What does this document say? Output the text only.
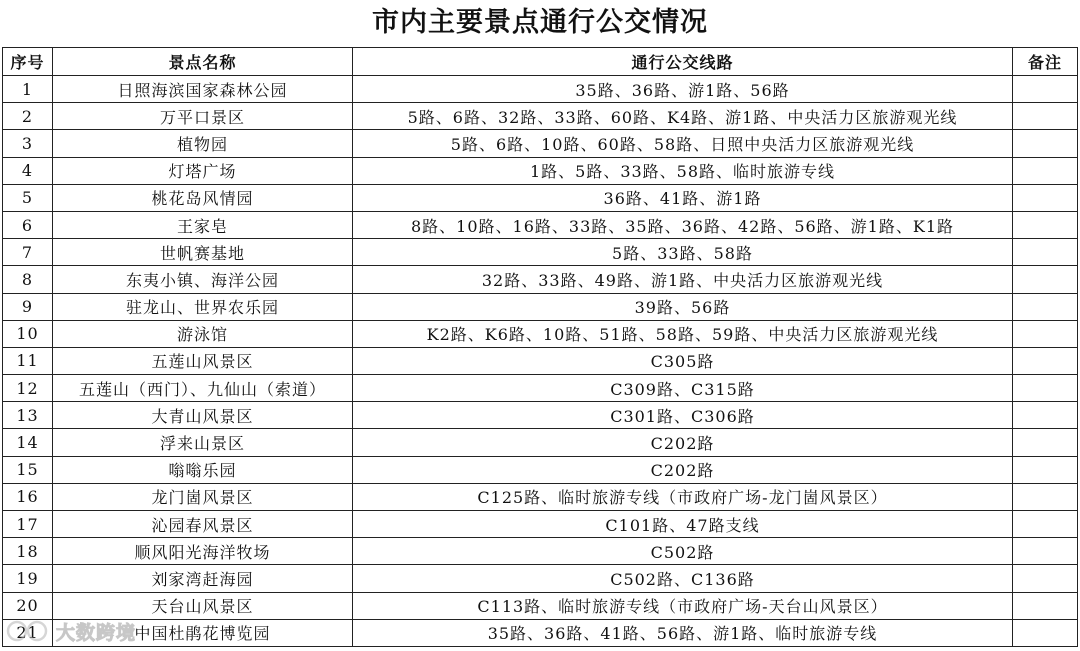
市内主要景点通行公交情况
序号	景点名称	通行公交线路	备注
1	日照海滨国家森林公园	35路、36路、游1路、56路	
2	万平口景区	5路、6路、32路、33路、60路、K4路、游1路、中央活力区旅游观光线	
3	植物园	5路、6路、10路、60路、58路、日照中央活力区旅游观光线	
4	灯塔广场	1路、5路、33路、58路、临时旅游专线	
5	桃花岛风情园	36路、41路、游1路	
6	王家皂	8路、10路、16路、33路、35路、36路、42路、56路、游1路、K1路	
7	世帆赛基地	5路、33路、58路	
8	东夷小镇、海洋公园	32路、33路、49路、游1路、中央活力区旅游观光线	
9	驻龙山、世界农乐园	39路、56路	
10	游泳馆	K2路、K6路、10路、51路、58路、59路、中央活力区旅游观光线	
11	五莲山风景区	C305路	
12	五莲山（西门）、九仙山（索道）	C309路、C315路	
13	大青山风景区	C301路、C306路	
14	浮来山景区	C202路	
15	嗡嗡乐园	C202路	
16	龙门崮风景区	C125路、临时旅游专线（市政府广场-龙门崮风景区）	
17	沁园春风景区	C101路、47路支线	
18	顺风阳光海洋牧场	C502路	
19	刘家湾赶海园	C502路、C136路	
20	天台山风景区	C113路、临时旅游专线（市政府广场-天台山风景区）	
21	中国杜鹃花博览园	35路、36路、41路、56路、游1路、临时旅游专线	
大数跨境
